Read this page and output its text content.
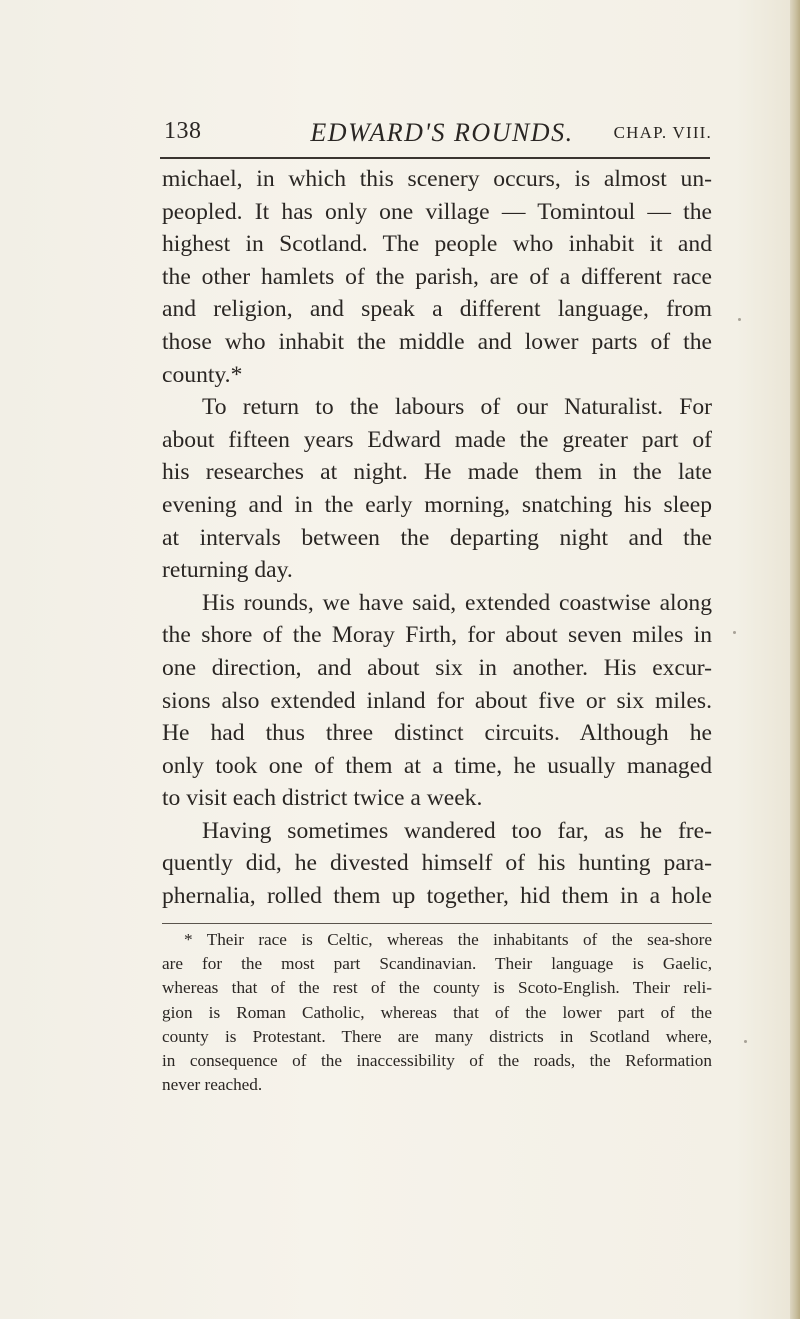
138	EDWARD'S ROUNDS.	CHAP. VIII.
michael, in which this scenery occurs, is almost un-
peopled. It has only one village — Tomintoul — the
highest in Scotland. The people who inhabit it and
the other hamlets of the parish, are of a different race
and religion, and speak a different language, from
those who inhabit the middle and lower parts of the
county.*
To return to the labours of our Naturalist. For
about fifteen years Edward made the greater part of
his researches at night. He made them in the late
evening and in the early morning, snatching his sleep
at intervals between the departing night and the
returning day.
His rounds, we have said, extended coastwise along
the shore of the Moray Firth, for about seven miles in
one direction, and about six in another. His excur-
sions also extended inland for about five or six miles.
He had thus three distinct circuits. Although he
only took one of them at a time, he usually managed
to visit each district twice a week.
Having sometimes wandered too far, as he fre-
quently did, he divested himself of his hunting para-
phernalia, rolled them up together, hid them in a hole
* Their race is Celtic, whereas the inhabitants of the sea-shore
are for the most part Scandinavian. Their language is Gaelic,
whereas that of the rest of the county is Scoto-English. Their reli-
gion is Roman Catholic, whereas that of the lower part of the
county is Protestant. There are many districts in Scotland where,
in consequence of the inaccessibility of the roads, the Reformation
never reached.
